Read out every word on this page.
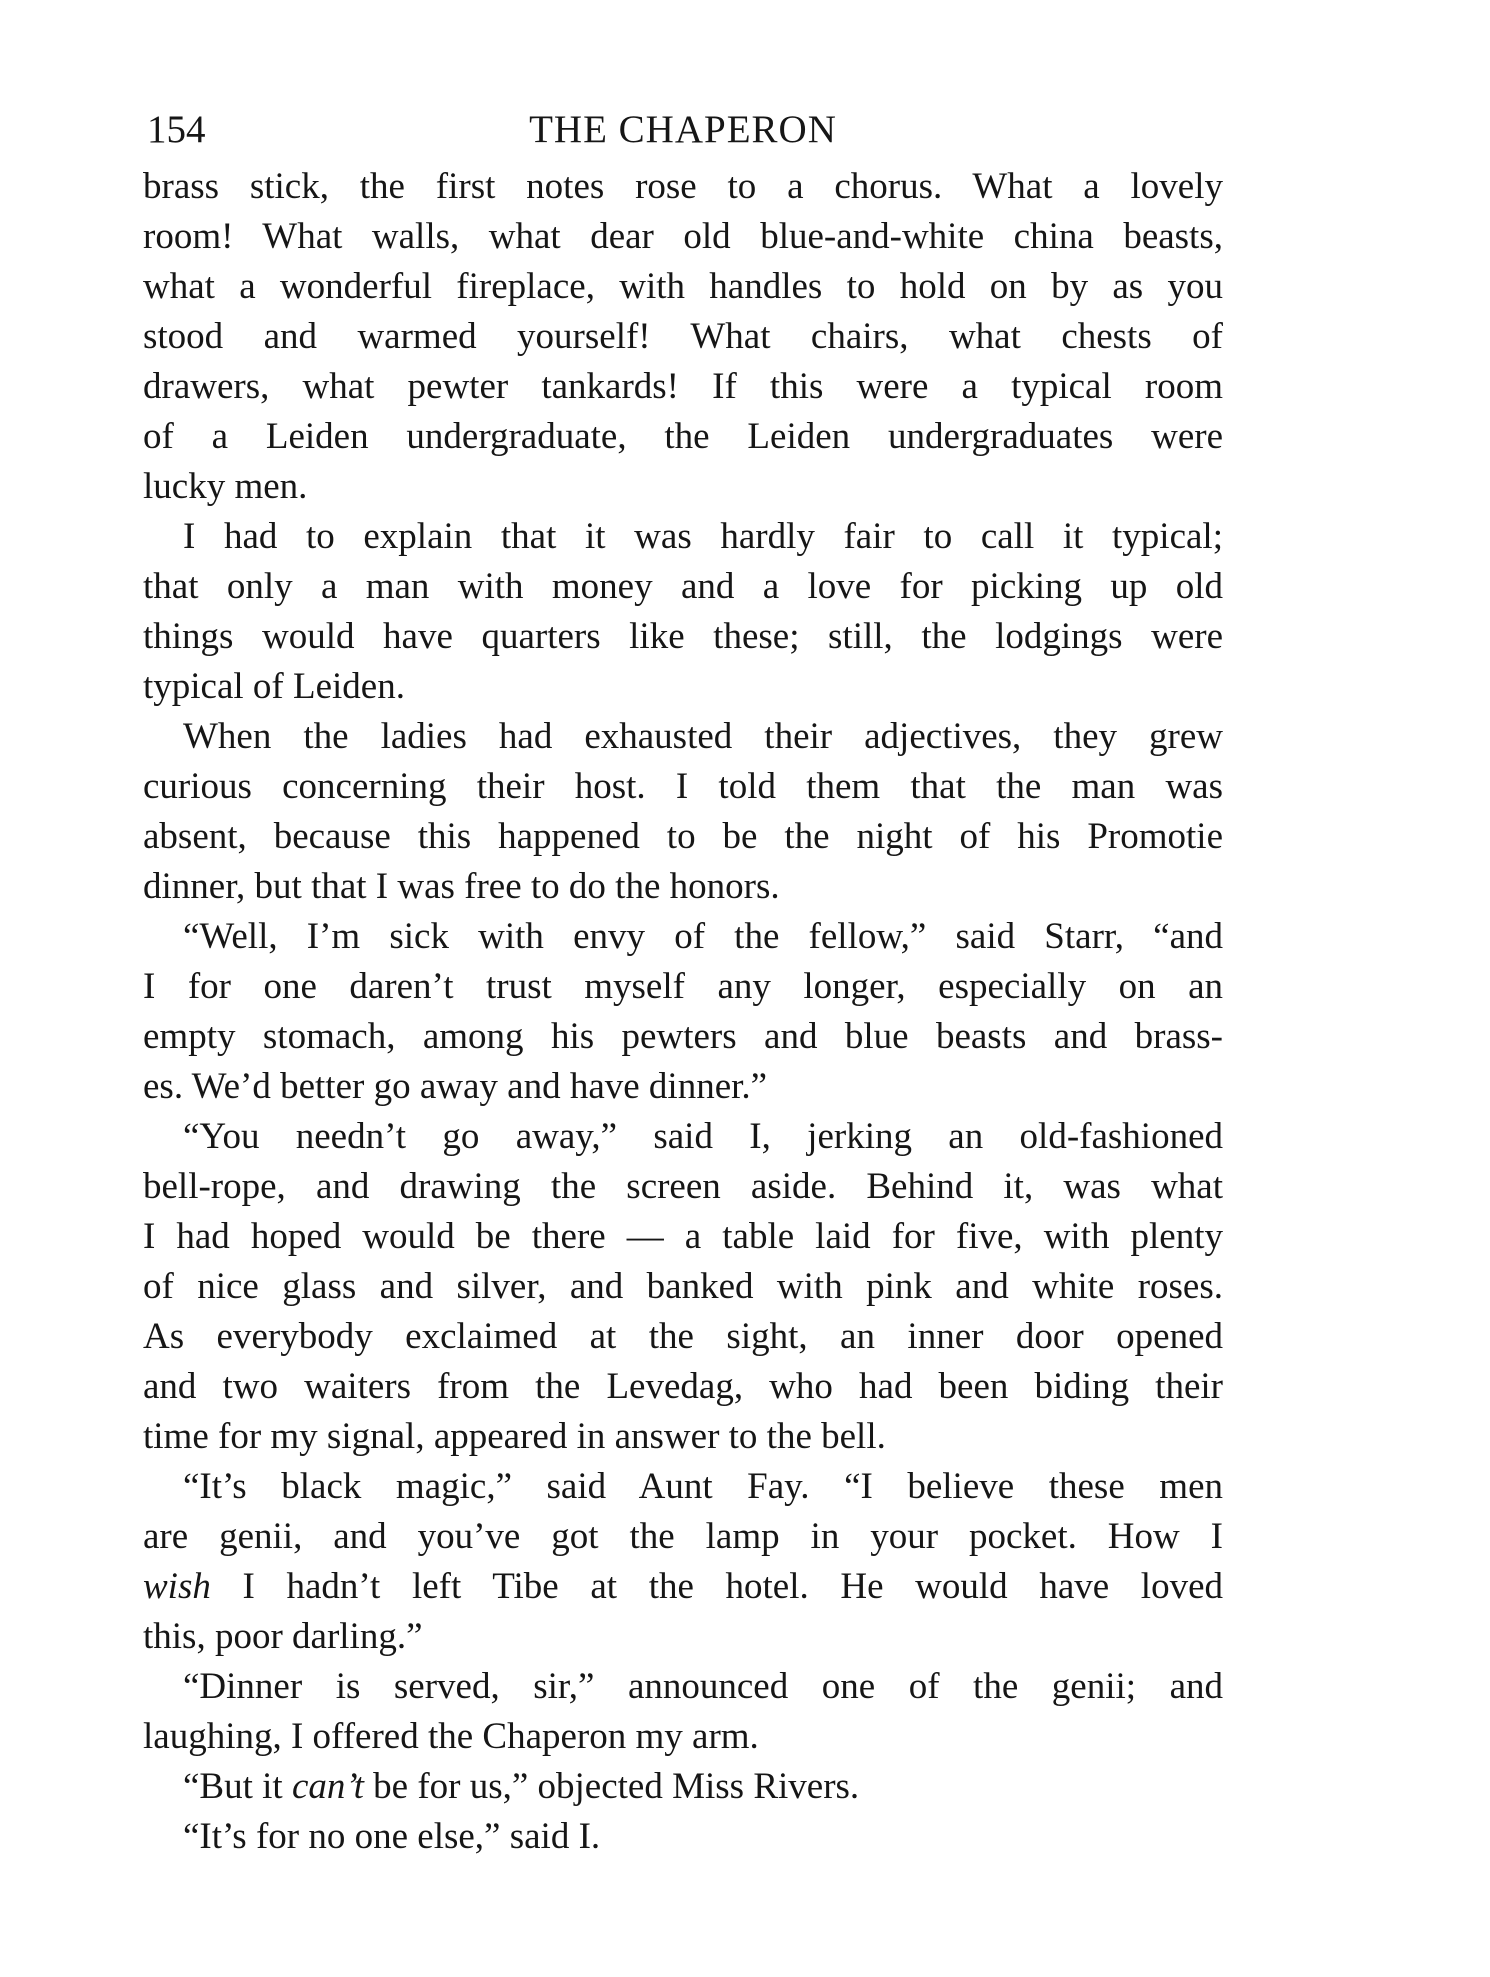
154	THE CHAPERON
brass stick, the first notes rose to a chorus. What a lovely
room! What walls, what dear old blue-and-white china beasts,
what a wonderful fireplace, with handles to hold on by as you
stood and warmed yourself! What chairs, what chests of
drawers, what pewter tankards! If this were a typical room
of a Leiden undergraduate, the Leiden undergraduates were
lucky men.
I had to explain that it was hardly fair to call it typical;
that only a man with money and a love for picking up old
things would have quarters like these; still, the lodgings were
typical of Leiden.
When the ladies had exhausted their adjectives, they grew
curious concerning their host. I told them that the man was
absent, because this happened to be the night of his Promotie
dinner, but that I was free to do the honors.
“Well, I’m sick with envy of the fellow,” said Starr, “and
I for one daren’t trust myself any longer, especially on an
empty stomach, among his pewters and blue beasts and brass-
es. We’d better go away and have dinner.”
“You needn’t go away,” said I, jerking an old-fashioned
bell-rope, and drawing the screen aside. Behind it, was what
I had hoped would be there — a table laid for five, with plenty
of nice glass and silver, and banked with pink and white roses.
As everybody exclaimed at the sight, an inner door opened
and two waiters from the Levedag, who had been biding their
time for my signal, appeared in answer to the bell.
“It’s black magic,” said Aunt Fay. “I believe these men
are genii, and you’ve got the lamp in your pocket. How I
wish I hadn’t left Tibe at the hotel. He would have loved
this, poor darling.”
“Dinner is served, sir,” announced one of the genii; and
laughing, I offered the Chaperon my arm.
“But it can’t be for us,” objected Miss Rivers.
“It’s for no one else,” said I.
